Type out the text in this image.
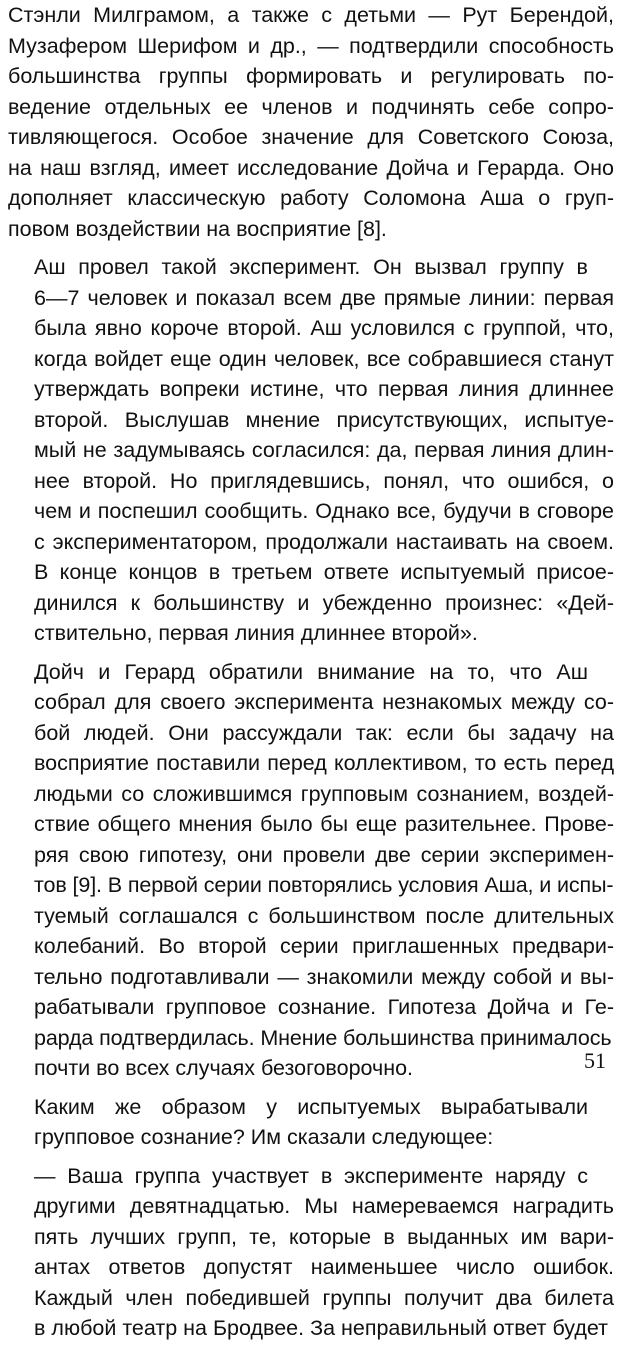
Стэнли Милграмом, а также с детьми — Рут Берендой,
Музафером Шерифом и др., — подтвердили способность
большинства группы формировать и регулировать по-
ведение отдельных ее членов и подчинять себе сопро-
тивляющегося. Особое значение для Советского Союза,
на наш взгляд, имеет исследование Дойча и Герарда. Оно
дополняет классическую работу Соломона Аша о груп-
повом воздействии на восприятие [8].

Аш провел такой эксперимент. Он вызвал группу в
6—7 человек и показал всем две прямые линии: первая
была явно короче второй. Аш условился с группой, что,
когда войдет еще один человек, все собравшиеся станут
утверждать вопреки истине, что первая линия длиннее
второй. Выслушав мнение присутствующих, испытуе-
мый не задумываясь согласился: да, первая линия длин-
нее второй. Но приглядевшись, понял, что ошибся, о
чем и поспешил сообщить. Однако все, будучи в сговоре
с экспериментатором, продолжали настаивать на своем.
В конце концов в третьем ответе испытуемый присое-
динился к большинству и убежденно произнес: «Дей-
ствительно, первая линия длиннее второй».

Дойч и Герард обратили внимание на то, что Аш
собрал для своего эксперимента незнакомых между со-
бой людей. Они рассуждали так: если бы задачу на
восприятие поставили перед коллективом, то есть перед
людьми со сложившимся групповым сознанием, воздей-
ствие общего мнения было бы еще разительнее. Прове-
ряя свою гипотезу, они провели две серии эксперимен-
тов [9]. В первой серии повторялись условия Аша, и испы-
туемый соглашался с большинством после длительных
колебаний. Во второй серии приглашенных предвари-
тельно подготавливали — знакомили между собой и вы-
рабатывали групповое сознание. Гипотеза Дойча и Ге-
рарда подтвердилась. Мнение большинства принималось
почти во всех случаях безоговорочно.

Каким же образом у испытуемых вырабатывали
групповое сознание? Им сказали следующее:

— Ваша группа участвует в эксперименте наряду с
другими девятнадцатью. Мы намереваемся наградить
пять лучших групп, те, которые в выданных им вари-
антах ответов допустят наименьшее число ошибок.
Каждый член победившей группы получит два билета
в любой театр на Бродвее. За неправильный ответ будет

51
